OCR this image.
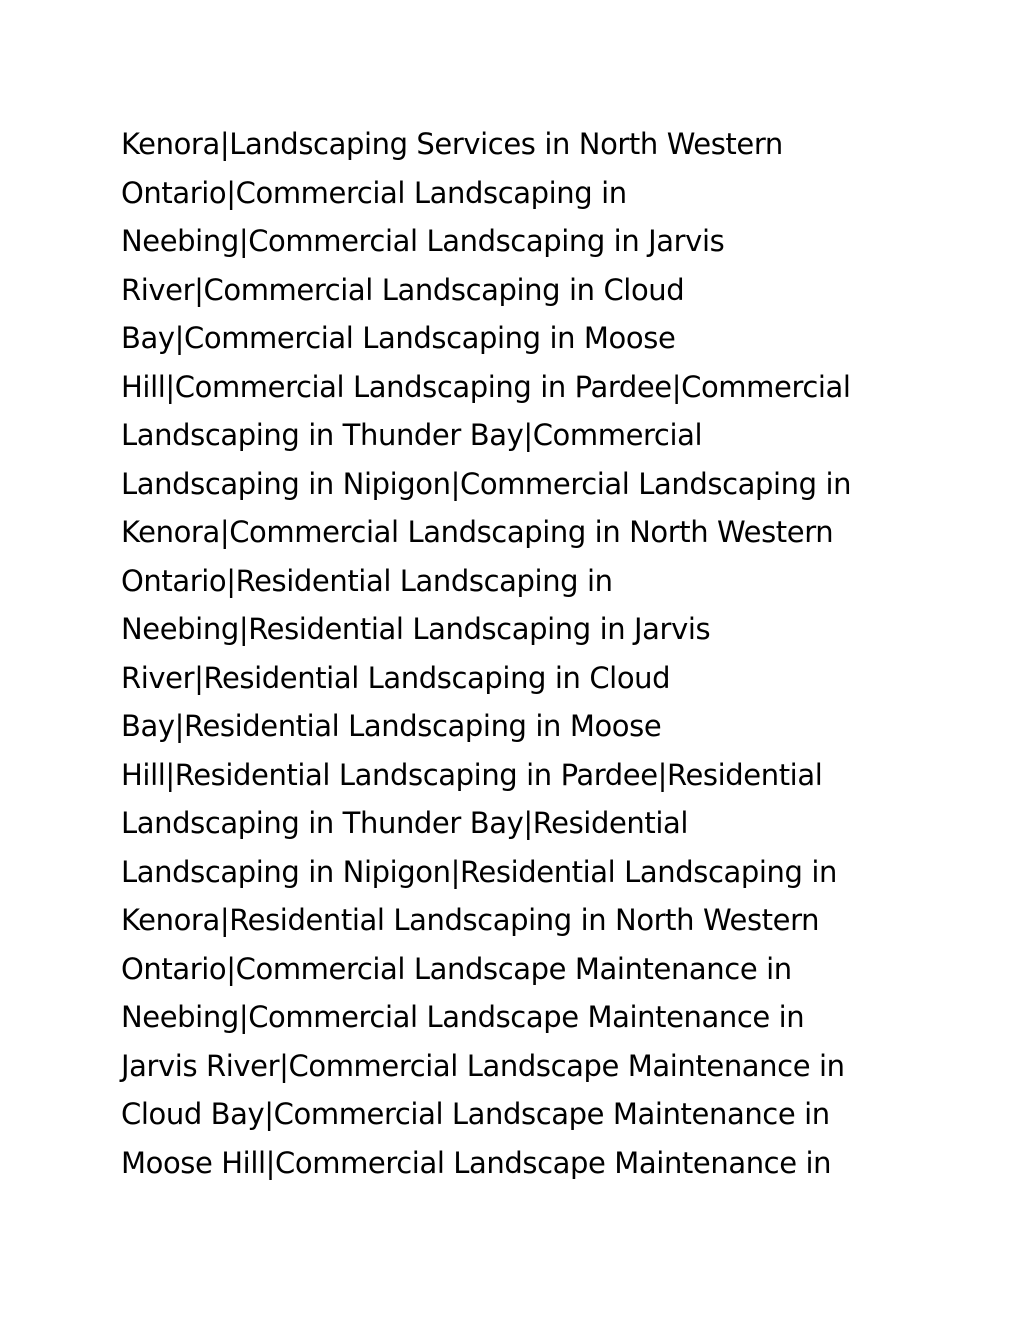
Kenora|Landscaping Services in North Western
Ontario|Commercial Landscaping in
Neebing|Commercial Landscaping in Jarvis
River|Commercial Landscaping in Cloud
Bay|Commercial Landscaping in Moose
Hill|Commercial Landscaping in Pardee|Commercial
Landscaping in Thunder Bay|Commercial
Landscaping in Nipigon|Commercial Landscaping in
Kenora|Commercial Landscaping in North Western
Ontario|Residential Landscaping in
Neebing|Residential Landscaping in Jarvis
River|Residential Landscaping in Cloud
Bay|Residential Landscaping in Moose
Hill|Residential Landscaping in Pardee|Residential
Landscaping in Thunder Bay|Residential
Landscaping in Nipigon|Residential Landscaping in
Kenora|Residential Landscaping in North Western
Ontario|Commercial Landscape Maintenance in
Neebing|Commercial Landscape Maintenance in
Jarvis River|Commercial Landscape Maintenance in
Cloud Bay|Commercial Landscape Maintenance in
Moose Hill|Commercial Landscape Maintenance in
